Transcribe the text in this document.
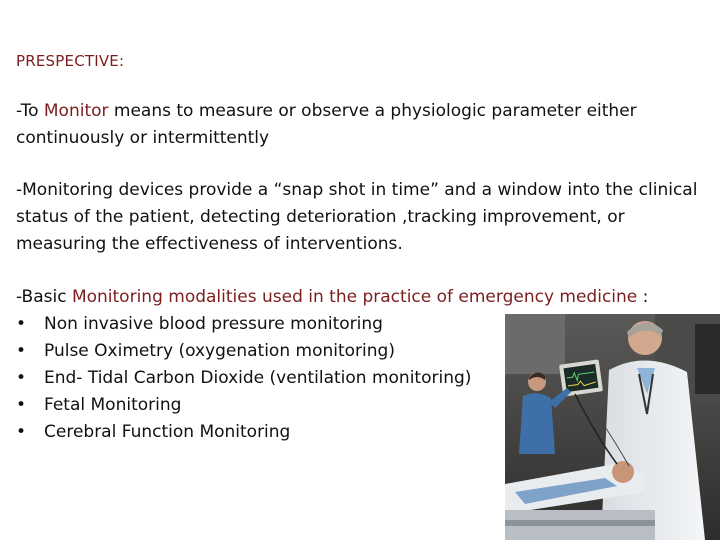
PRESPECTIVE:
-To Monitor means to measure or observe a physiologic parameter either continuously or intermittently
-Monitoring devices provide a “snap shot in time” and a window into the clinical status of the patient, detecting deterioration ,tracking improvement, or measuring the effectiveness of interventions.
-Basic Monitoring modalities used in the practice of emergency medicine :
• Non invasive blood pressure monitoring
• Pulse Oximetry (oxygenation monitoring)
• End- Tidal Carbon Dioxide (ventilation monitoring)
• Fetal Monitoring
• Cerebral Function Monitoring
